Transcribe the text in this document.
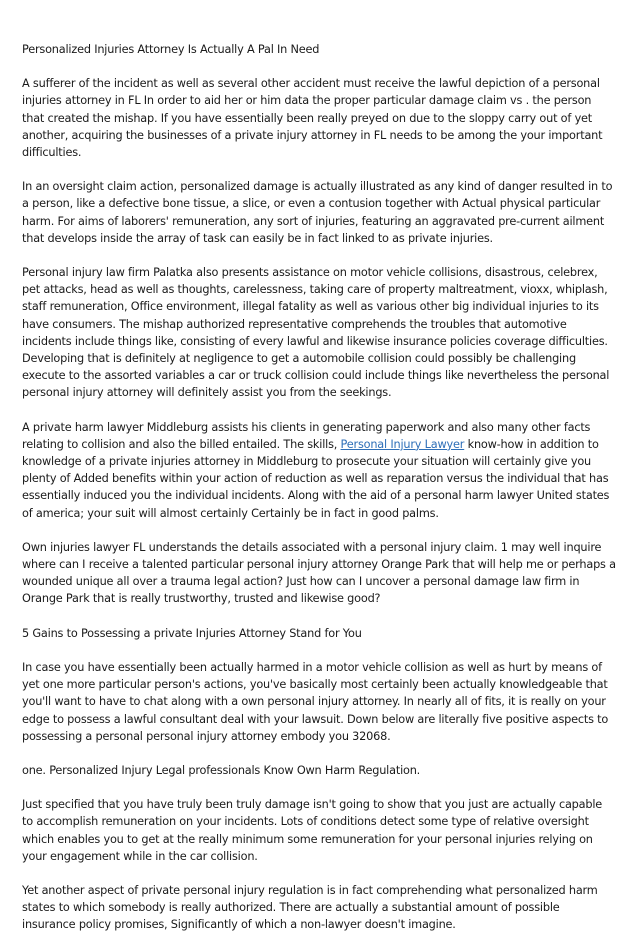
Personalized Injuries Attorney Is Actually A Pal In Need

A sufferer of the incident as well as several other accident must receive the lawful depiction of a personal injuries attorney in FL In order to aid her or him data the proper particular damage claim vs . the person that created the mishap. If you have essentially been really preyed on due to the sloppy carry out of yet another, acquiring the businesses of a private injury attorney in FL needs to be among the your important difficulties.

In an oversight claim action, personalized damage is actually illustrated as any kind of danger resulted in to a person, like a defective bone tissue, a slice, or even a contusion together with Actual physical particular harm. For aims of laborers' remuneration, any sort of injuries, featuring an aggravated pre-current ailment that develops inside the array of task can easily be in fact linked to as private injuries.

Personal injury law firm Palatka also presents assistance on motor vehicle collisions, disastrous, celebrex, pet attacks, head as well as thoughts, carelessness, taking care of property maltreatment, vioxx, whiplash, staff remuneration, Office environment, illegal fatality as well as various other big individual injuries to its have consumers. The mishap authorized representative comprehends the troubles that automotive incidents include things like, consisting of every lawful and likewise insurance policies coverage difficulties. Developing that is definitely at negligence to get a automobile collision could possibly be challenging execute to the assorted variables a car or truck collision could include things like nevertheless the personal personal injury attorney will definitely assist you from the seekings.

A private harm lawyer Middleburg assists his clients in generating paperwork and also many other facts relating to collision and also the billed entailed. The skills, Personal Injury Lawyer know-how in addition to knowledge of a private injuries attorney in Middleburg to prosecute your situation will certainly give you plenty of Added benefits within your action of reduction as well as reparation versus the individual that has essentially induced you the individual incidents. Along with the aid of a personal harm lawyer United states of america; your suit will almost certainly Certainly be in fact in good palms.

Own injuries lawyer FL understands the details associated with a personal injury claim. 1 may well inquire where can I receive a talented particular personal injury attorney Orange Park that will help me or perhaps a wounded unique all over a trauma legal action? Just how can I uncover a personal damage law firm in Orange Park that is really trustworthy, trusted and likewise good?

5 Gains to Possessing a private Injuries Attorney Stand for You

In case you have essentially been actually harmed in a motor vehicle collision as well as hurt by means of yet one more particular person's actions, you've basically most certainly been actually knowledgeable that you'll want to have to chat along with a own personal injury attorney. In nearly all of fits, it is really on your edge to possess a lawful consultant deal with your lawsuit. Down below are literally five positive aspects to possessing a personal personal injury attorney embody you 32068.

one. Personalized Injury Legal professionals Know Own Harm Regulation.

Just specified that you have truly been truly damage isn't going to show that you just are actually capable to accomplish remuneration on your incidents. Lots of conditions detect some type of relative oversight which enables you to get at the really minimum some remuneration for your personal injuries relying on your engagement while in the car collision.

Yet another aspect of private personal injury regulation is in fact comprehending what personalized harm states to which somebody is really authorized. There are actually a substantial amount of possible insurance policy promises, Significantly of which a non-lawyer doesn't imagine.
